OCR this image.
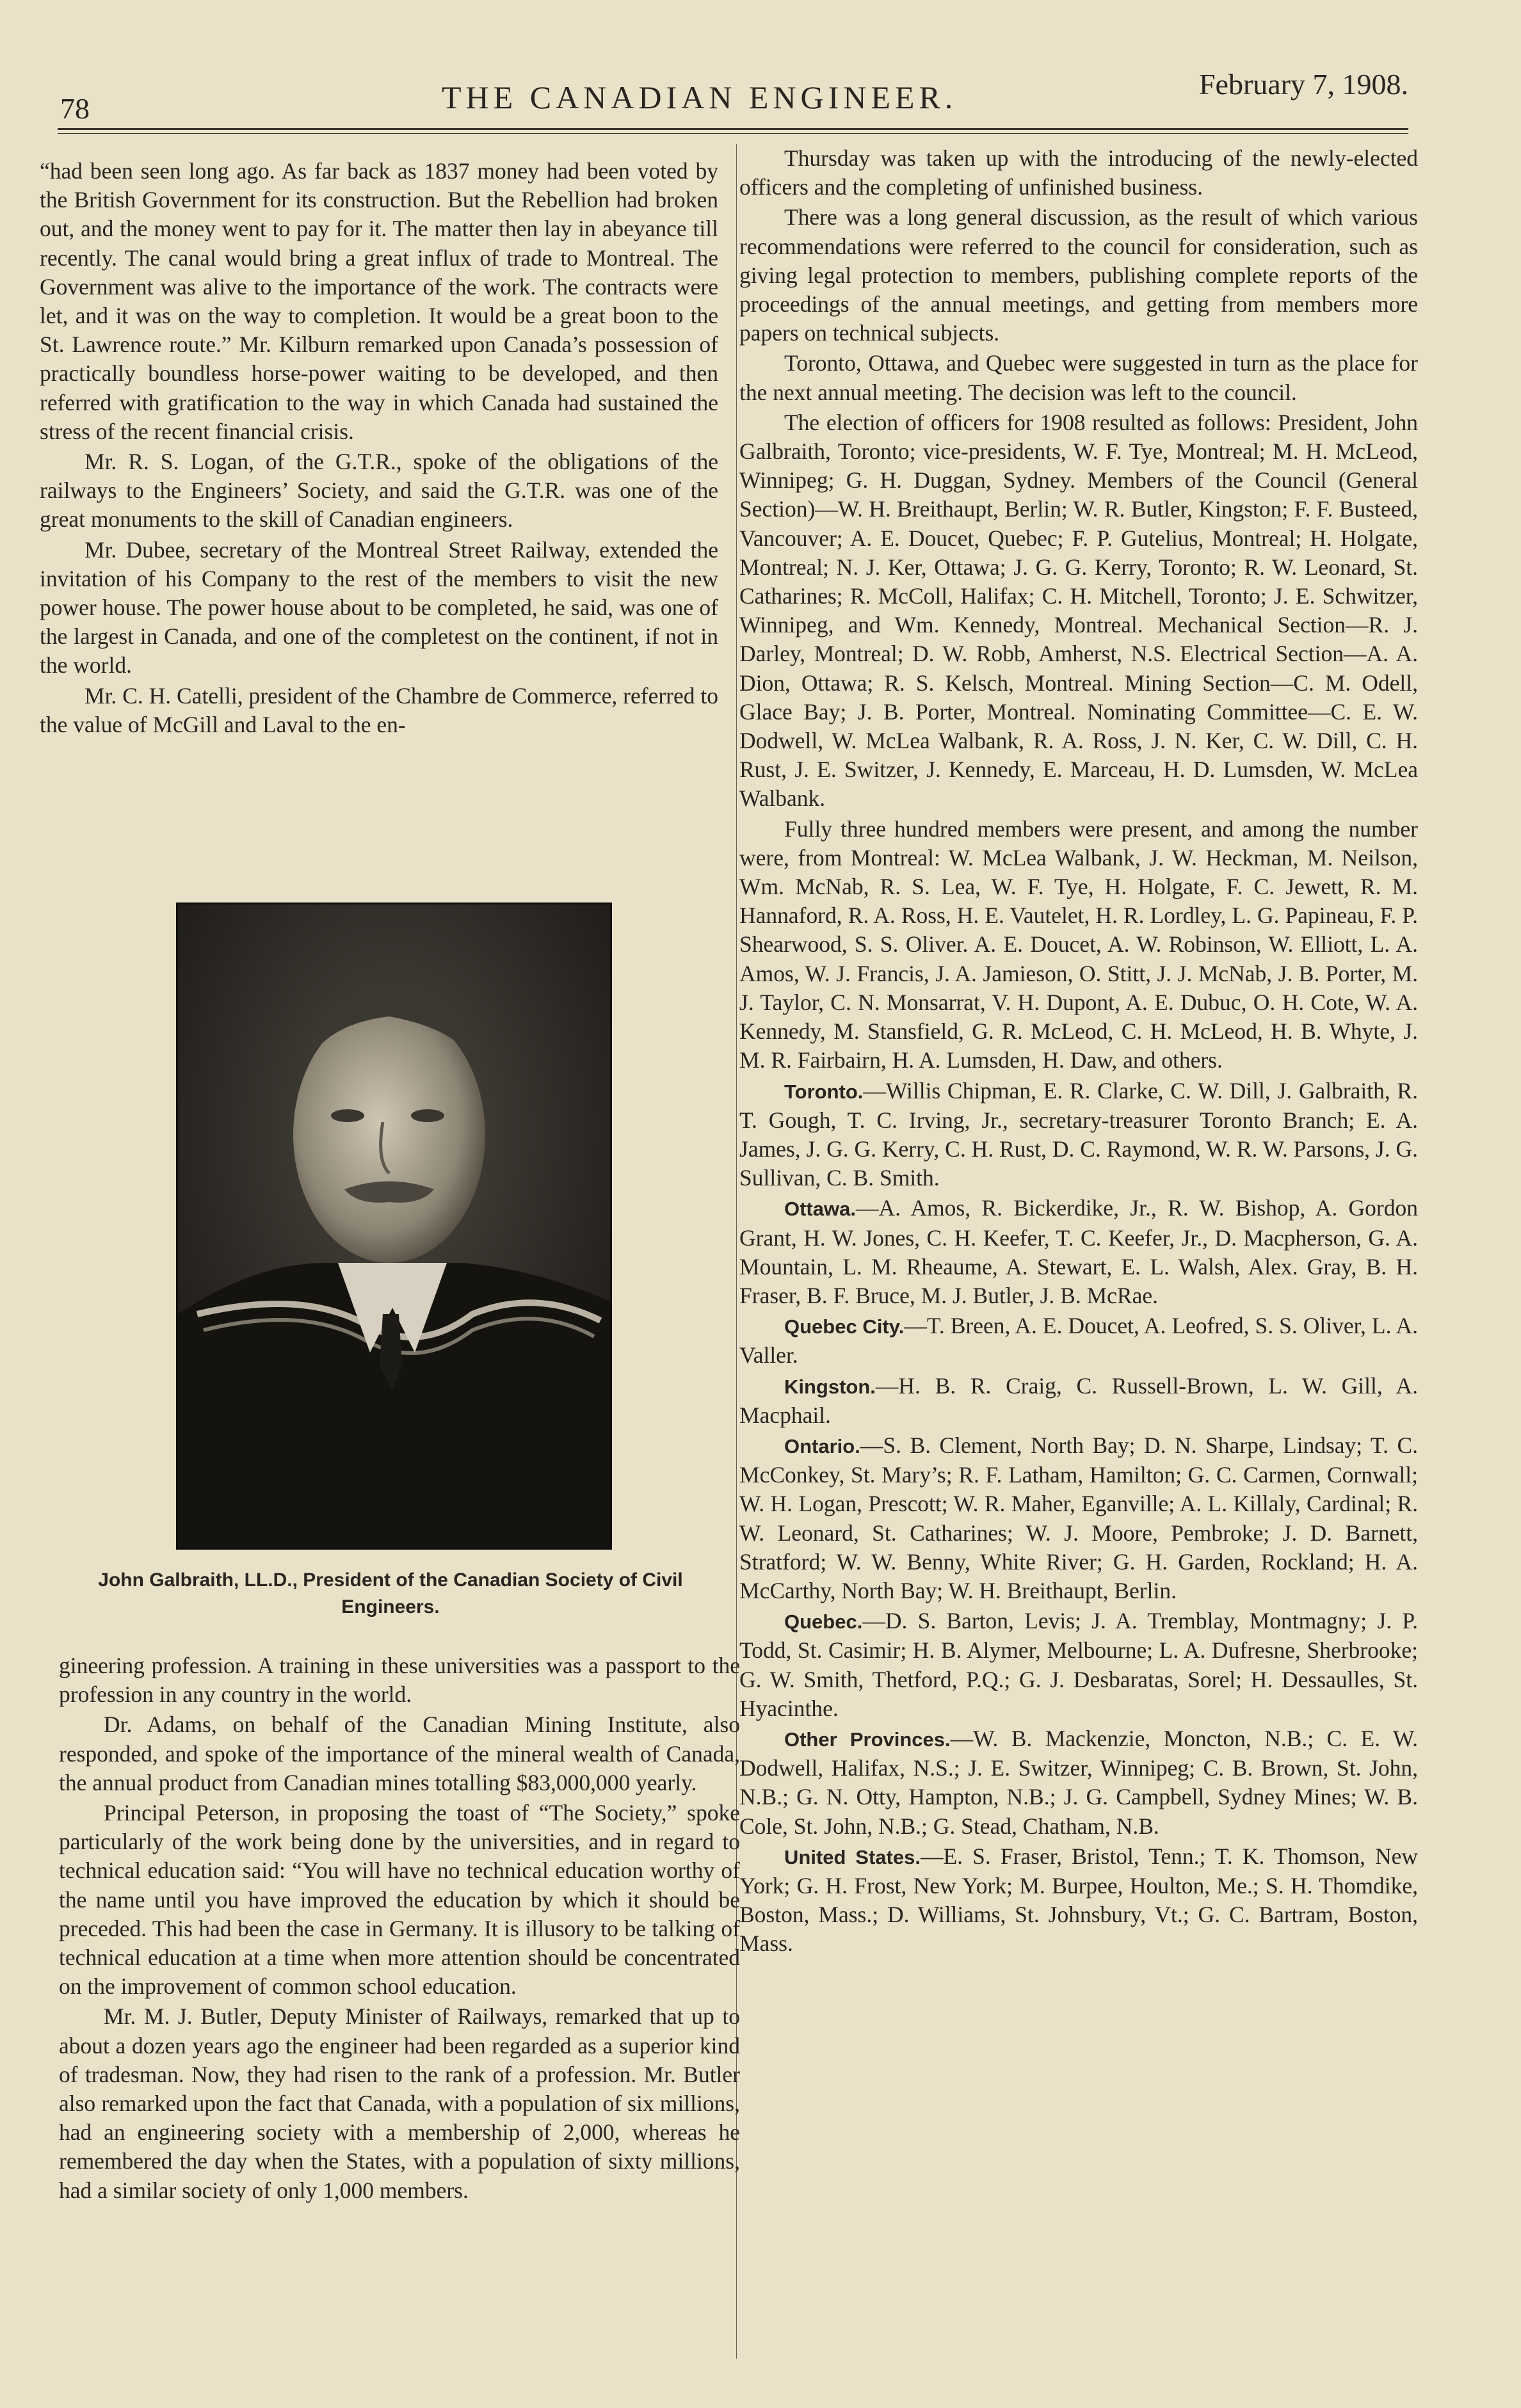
78	THE CANADIAN ENGINEER.	February 7, 1908.

“had been seen long ago. As far back as 1837 money had been voted by the British Government for its construction. But the Rebellion had broken out, and the money went to pay for it. The matter then lay in abeyance till recently. The canal would bring a great influx of trade to Montreal. The Government was alive to the importance of the work. The contracts were let, and it was on the way to completion. It would be a great boon to the St. Lawrence route.” Mr. Kilburn remarked upon Canada’s possession of practically boundless horse-power waiting to be developed, and then referred with gratification to the way in which Canada had sustained the stress of the recent financial crisis.

Mr. R. S. Logan, of the G.T.R., spoke of the obligations of the railways to the Engineers’ Society, and said the G.T.R. was one of the great monuments to the skill of Canadian engineers.

Mr. Dubee, secretary of the Montreal Street Railway, extended the invitation of his Company to the rest of the members to visit the new power house. The power house about to be completed, he said, was one of the largest in Canada, and one of the completest on the continent, if not in the world.

Mr. C. H. Catelli, president of the Chambre de Commerce, referred to the value of McGill and Laval to the en-

John Galbraith, LL.D., President of the Canadian Society of Civil Engineers.

gineering profession. A training in these universities was a passport to the profession in any country in the world.

Dr. Adams, on behalf of the Canadian Mining Institute, also responded, and spoke of the importance of the mineral wealth of Canada, the annual product from Canadian mines totalling $83,000,000 yearly.

Principal Peterson, in proposing the toast of “The Society,” spoke particularly of the work being done by the universities, and in regard to technical education said: “You will have no technical education worthy of the name until you have improved the education by which it should be preceded. This had been the case in Germany. It is illusory to be talking of technical education at a time when more attention should be concentrated on the improvement of common school education.

Mr. M. J. Butler, Deputy Minister of Railways, remarked that up to about a dozen years ago the engineer had been regarded as a superior kind of tradesman. Now, they had risen to the rank of a profession. Mr. Butler also remarked upon the fact that Canada, with a population of six millions, had an engineering society with a membership of 2,000, whereas he remembered the day when the States, with a population of sixty millions, had a similar society of only 1,000 members.

Thursday was taken up with the introducing of the newly-elected officers and the completing of unfinished business.

There was a long general discussion, as the result of which various recommendations were referred to the council for consideration, such as giving legal protection to members, publishing complete reports of the proceedings of the annual meetings, and getting from members more papers on technical subjects.

Toronto, Ottawa, and Quebec were suggested in turn as the place for the next annual meeting. The decision was left to the council.

The election of officers for 1908 resulted as follows: President, John Galbraith, Toronto; vice-presidents, W. F. Tye, Montreal; M. H. McLeod, Winnipeg; G. H. Duggan, Sydney. Members of the Council (General Section)—W. H. Breithaupt, Berlin; W. R. Butler, Kingston; F. F. Busteed, Vancouver; A. E. Doucet, Quebec; F. P. Gutelius, Montreal; H. Holgate, Montreal; N. J. Ker, Ottawa; J. G. G. Kerry, Toronto; R. W. Leonard, St. Catharines; R. McColl, Halifax; C. H. Mitchell, Toronto; J. E. Schwitzer, Winnipeg, and Wm. Kennedy, Montreal. Mechanical Section—R. J. Darley, Montreal; D. W. Robb, Amherst, N.S. Electrical Section—A. A. Dion, Ottawa; R. S. Kelsch, Montreal. Mining Section—C. M. Odell, Glace Bay; J. B. Porter, Montreal. Nominating Committee—C. E. W. Dodwell, W. McLea Walbank, R. A. Ross, J. N. Ker, C. W. Dill, C. H. Rust, J. E. Switzer, J. Kennedy, E. Marceau, H. D. Lumsden, W. McLea Walbank.

Fully three hundred members were present, and among the number were, from Montreal: W. McLea Walbank, J. W. Heckman, M. Neilson, Wm. McNab, R. S. Lea, W. F. Tye, H. Holgate, F. C. Jewett, R. M. Hannaford, R. A. Ross, H. E. Vautelet, H. R. Lordley, L. G. Papineau, F. P. Shearwood, S. S. Oliver. A. E. Doucet, A. W. Robinson, W. Elliott, L. A. Amos, W. J. Francis, J. A. Jamieson, O. Stitt, J. J. McNab, J. B. Porter, M. J. Taylor, C. N. Monsarrat, V. H. Dupont, A. E. Dubuc, O. H. Cote, W. A. Kennedy, M. Stansfield, G. R. McLeod, C. H. McLeod, H. B. Whyte, J. M. R. Fairbairn, H. A. Lumsden, H. Daw, and others.

Toronto.—Willis Chipman, E. R. Clarke, C. W. Dill, J. Galbraith, R. T. Gough, T. C. Irving, Jr., secretary-treasurer Toronto Branch; E. A. James, J. G. G. Kerry, C. H. Rust, D. C. Raymond, W. R. W. Parsons, J. G. Sullivan, C. B. Smith.

Ottawa.—A. Amos, R. Bickerdike, Jr., R. W. Bishop, A. Gordon Grant, H. W. Jones, C. H. Keefer, T. C. Keefer, Jr., D. Macpherson, G. A. Mountain, L. M. Rheaume, A. Stewart, E. L. Walsh, Alex. Gray, B. H. Fraser, B. F. Bruce, M. J. Butler, J. B. McRae.

Quebec City.—T. Breen, A. E. Doucet, A. Leofred, S. S. Oliver, L. A. Valler.

Kingston.—H. B. R. Craig, C. Russell-Brown, L. W. Gill, A. Macphail.

Ontario.—S. B. Clement, North Bay; D. N. Sharpe, Lindsay; T. C. McConkey, St. Mary’s; R. F. Latham, Hamilton; G. C. Carmen, Cornwall; W. H. Logan, Prescott; W. R. Maher, Eganville; A. L. Killaly, Cardinal; R. W. Leonard, St. Catharines; W. J. Moore, Pembroke; J. D. Barnett, Stratford; W. W. Benny, White River; G. H. Garden, Rockland; H. A. McCarthy, North Bay; W. H. Breithaupt, Berlin.

Quebec.—D. S. Barton, Levis; J. A. Tremblay, Montmagny; J. P. Todd, St. Casimir; H. B. Alymer, Melbourne; L. A. Dufresne, Sherbrooke; G. W. Smith, Thetford, P.Q.; G. J. Desbaratas, Sorel; H. Dessaulles, St. Hyacinthe.

Other Provinces.—W. B. Mackenzie, Moncton, N.B.; C. E. W. Dodwell, Halifax, N.S.; J. E. Switzer, Winnipeg; C. B. Brown, St. John, N.B.; G. N. Otty, Hampton, N.B.; J. G. Campbell, Sydney Mines; W. B. Cole, St. John, N.B.; G. Stead, Chatham, N.B.

United States.—E. S. Fraser, Bristol, Tenn.; T. K. Thomson, New York; G. H. Frost, New York; M. Burpee, Houlton, Me.; S. H. Thomdike, Boston, Mass.; D. Williams, St. Johnsbury, Vt.; G. C. Bartram, Boston, Mass.
